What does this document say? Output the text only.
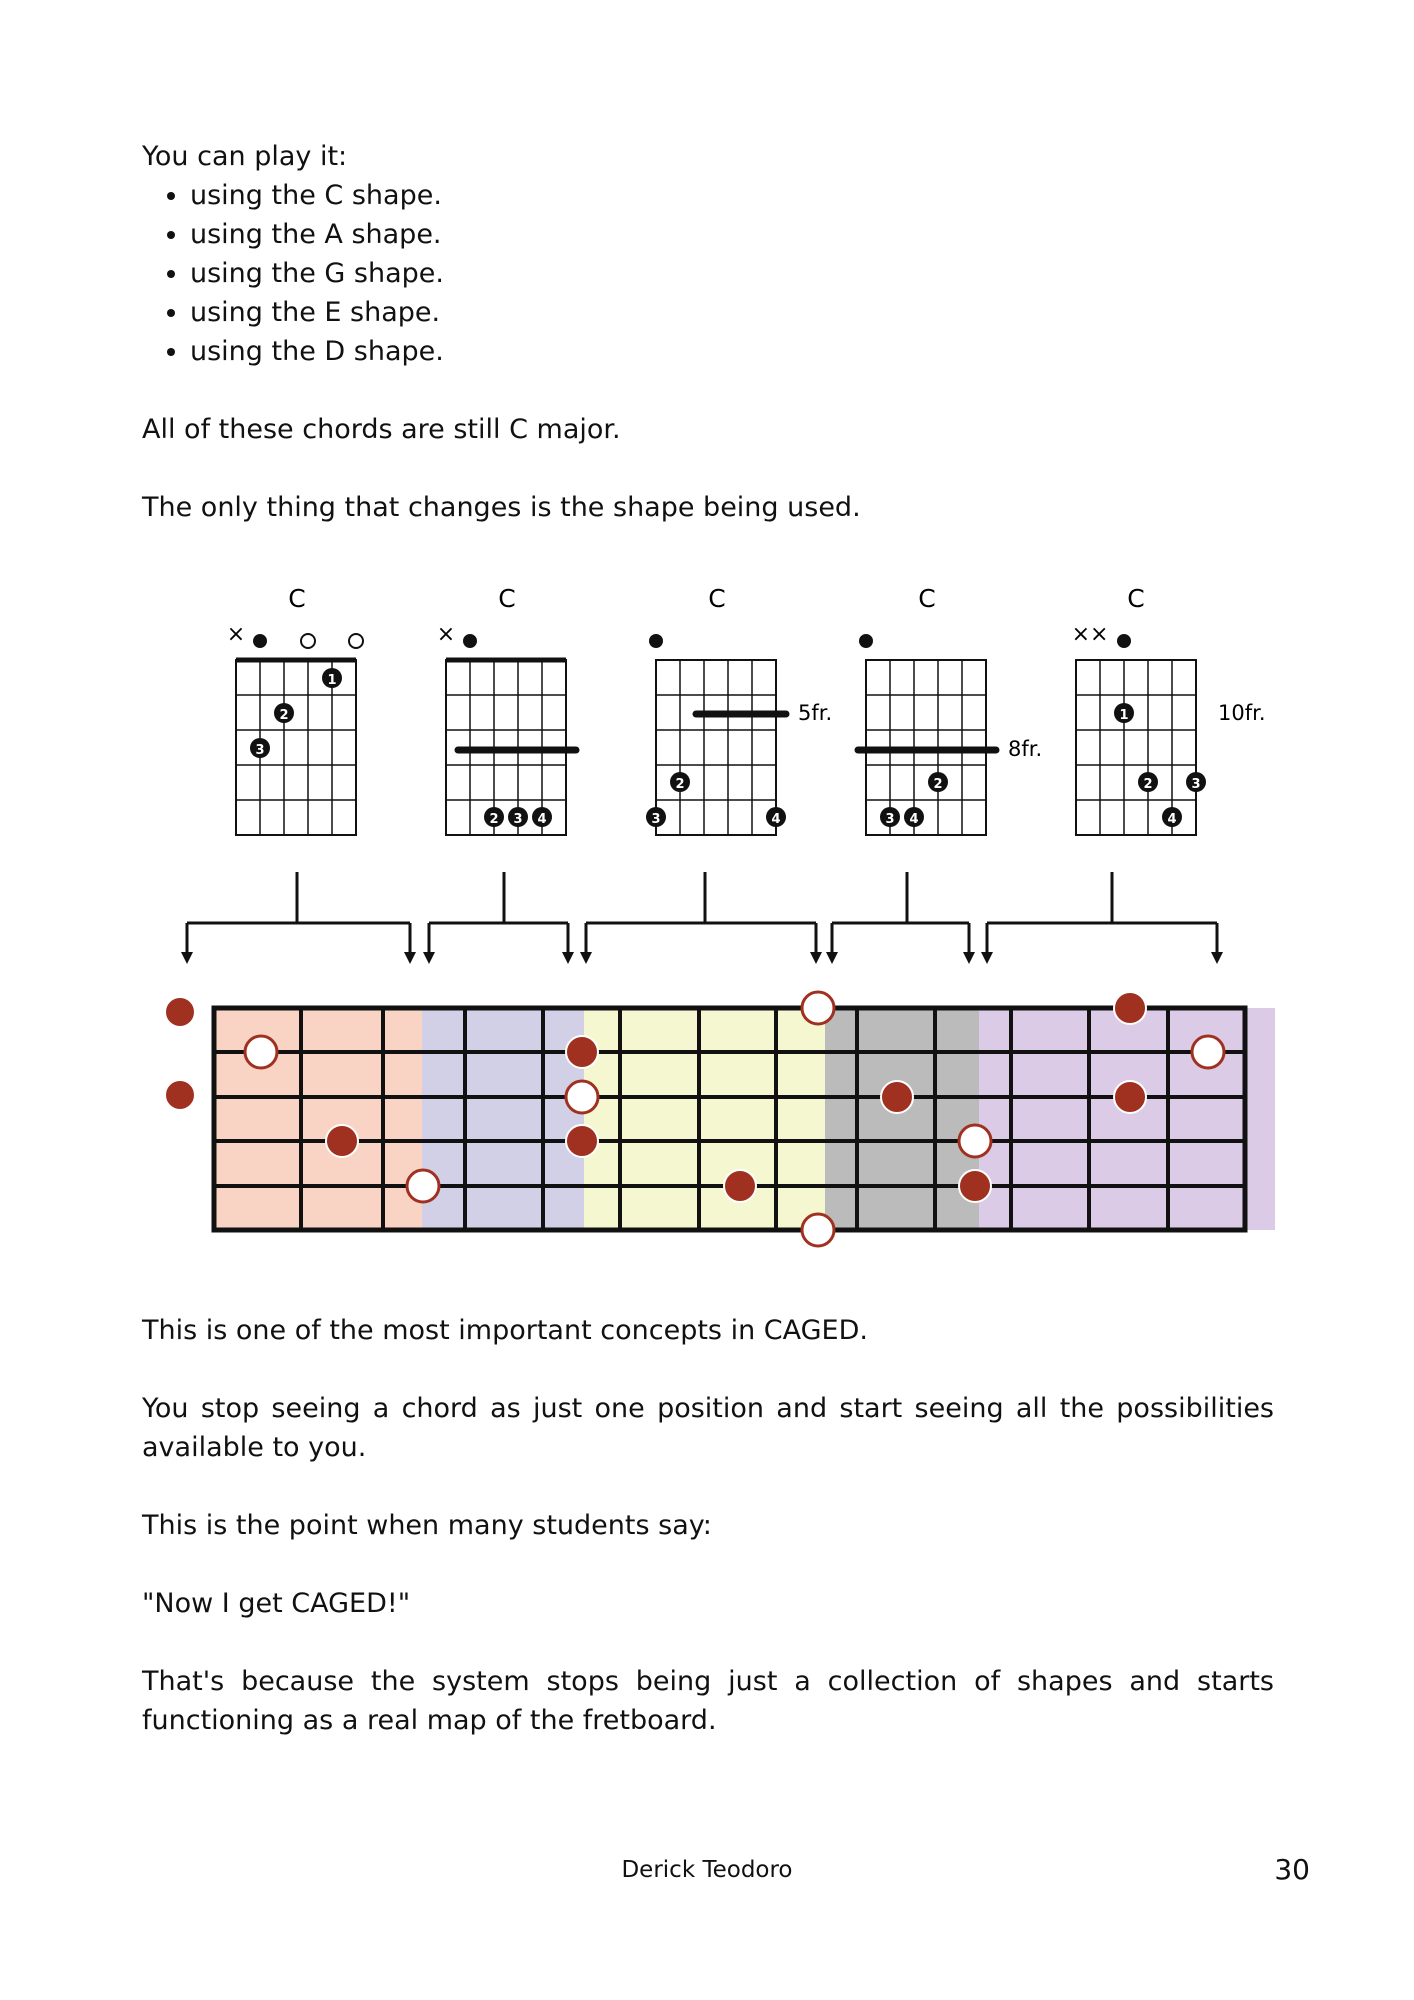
You can play it:

• using the C shape.
• using the A shape.
• using the G shape.
• using the E shape.
• using the D shape.

All of these chords are still C major.

The only thing that changes is the shape being used.

C
×
1
2
3
C
×
2 3 4
C
5fr.
2
3	4
C
8fr.
2
3 4
C
××
10fr.
1
2	3
4

This is one of the most important concepts in CAGED.

You stop seeing a chord as just one position and start seeing all the possibilities available to you.

This is the point when many students say:

"Now I get CAGED!"

That's because the system stops being just a collection of shapes and starts functioning as a real map of the fretboard.

Derick Teodoro	30
